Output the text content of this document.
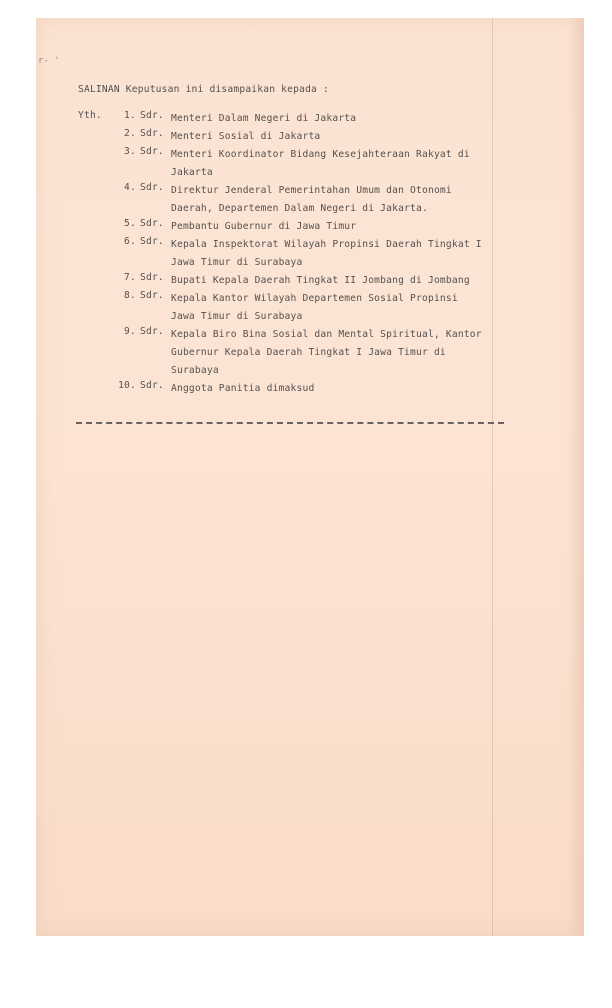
r- '
SALINAN Keputusan ini disampaikan kepada :
Yth.	1. Sdr. Menteri Dalam Negeri di Jakarta
2. Sdr. Menteri Sosial di Jakarta
3. Sdr. Menteri Koordinator Bidang Kesejahteraan Rakyat di Jakarta
4. Sdr. Direktur Jenderal Pemerintahan Umum dan Otonomi Daerah, Departemen Dalam Negeri di Jakarta.
5. Sdr. Pembantu Gubernur di Jawa Timur
6. Sdr. Kepala Inspektorat Wilayah Propinsi Daerah Tingkat I Jawa Timur di Surabaya
7. Sdr. Bupati Kepala Daerah Tingkat II Jombang di Jombang
8. Sdr. Kepala Kantor Wilayah Departemen Sosial Propinsi Jawa Timur di Surabaya
9. Sdr. Kepala Biro Bina Sosial dan Mental Spiritual, Kantor Gubernur Kepala Daerah Tingkat I Jawa Timur di Surabaya
10. Sdr. Anggota Panitia dimaksud
